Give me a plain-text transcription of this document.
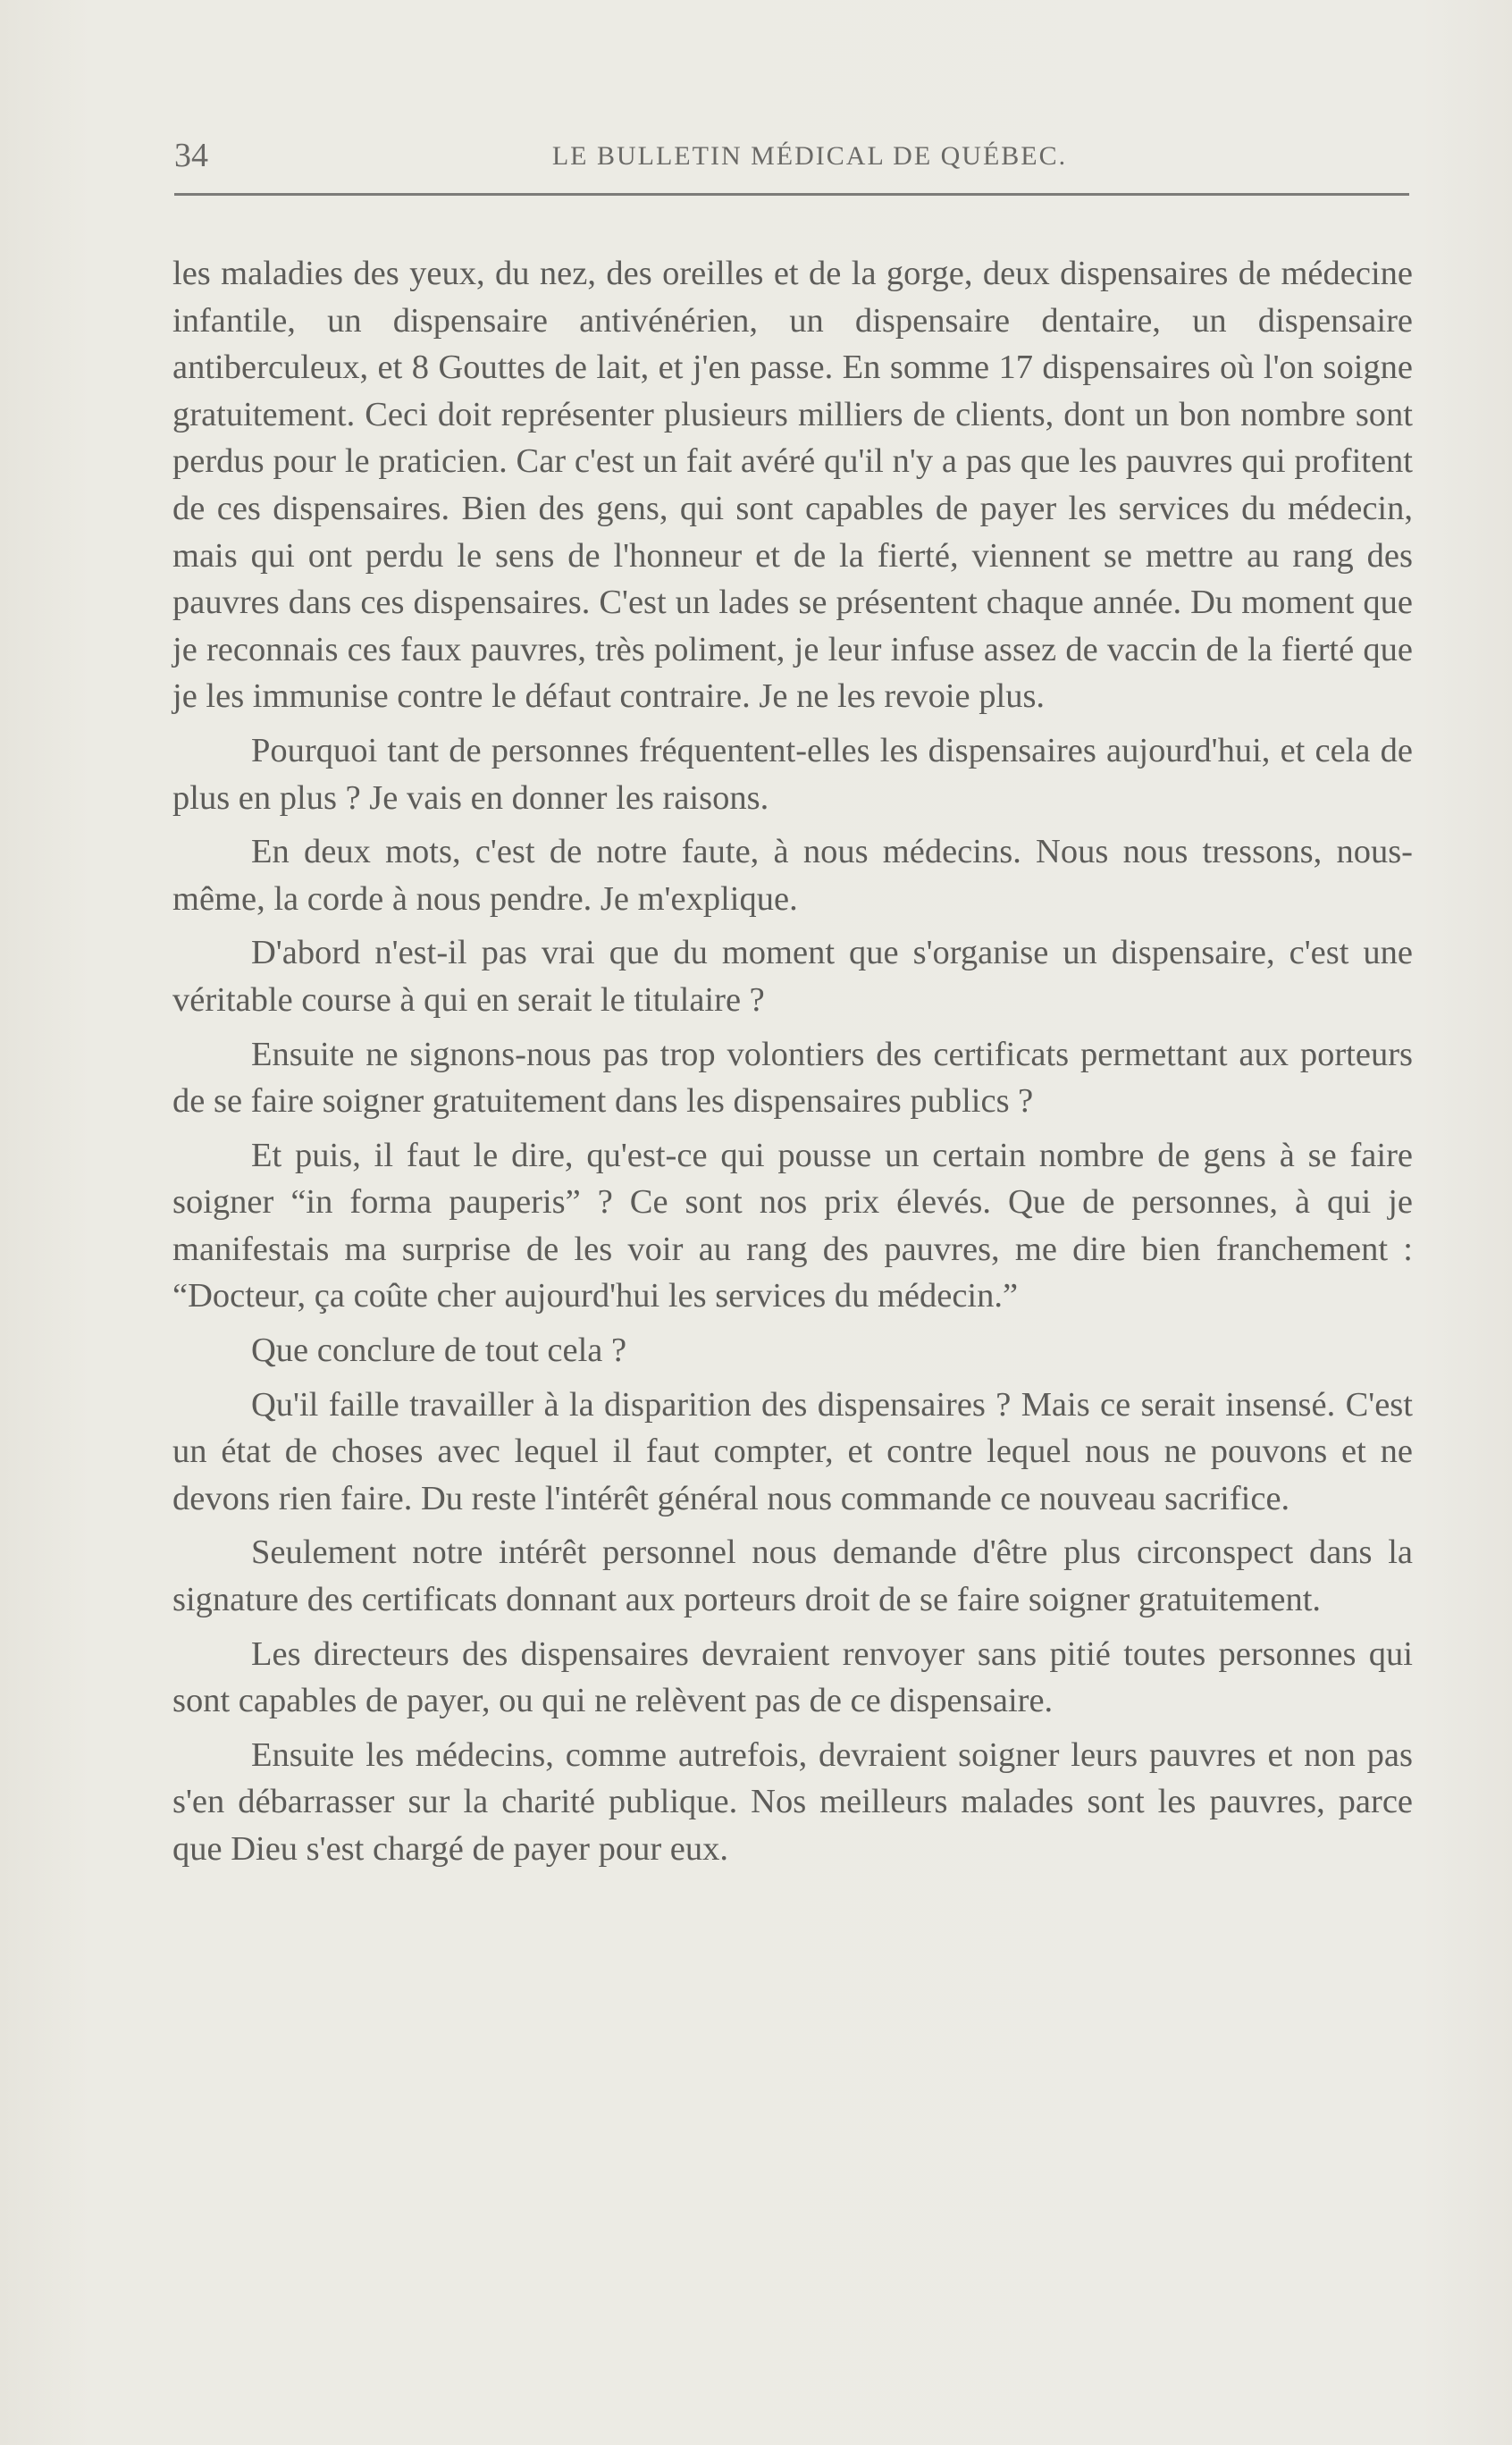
34	LE BULLETIN MÉDICAL DE QUÉBEC.

les maladies des yeux, du nez, des oreilles et de la gorge, deux dispensaires de médecine infantile, un dispensaire antivénérien, un dispensaire dentaire, un dispensaire antiberculeux, et 8 Gouttes de lait, et j'en passe. En somme 17 dispensaires où l'on soigne gratuitement. Ceci doit représenter plusieurs milliers de clients, dont un bon nombre sont perdus pour le praticien. Car c'est un fait avéré qu'il n'y a pas que les pauvres qui profitent de ces dispensaires. Bien des gens, qui sont capables de payer les services du médecin, mais qui ont perdu le sens de l'honneur et de la fierté, viennent se mettre au rang des pauvres dans ces dispensaires. C'est un lades se présentent chaque année. Du moment que je reconnais ces faux pauvres, très poliment, je leur infuse assez de vaccin de la fierté que je les immunise contre le défaut contraire. Je ne les revoie plus.

Pourquoi tant de personnes fréquentent-elles les dispensaires aujourd'hui, et cela de plus en plus ? Je vais en donner les raisons.

En deux mots, c'est de notre faute, à nous médecins. Nous nous tressons, nous-même, la corde à nous pendre. Je m'explique.

D'abord n'est-il pas vrai que du moment que s'organise un dispensaire, c'est une véritable course à qui en serait le titulaire ?

Ensuite ne signons-nous pas trop volontiers des certificats permettant aux porteurs de se faire soigner gratuitement dans les dispensaires publics ?

Et puis, il faut le dire, qu'est-ce qui pousse un certain nombre de gens à se faire soigner “in forma pauperis” ? Ce sont nos prix élevés. Que de personnes, à qui je manifestais ma surprise de les voir au rang des pauvres, me dire bien franchement : “Docteur, ça coûte cher aujourd'hui les services du médecin.”

Que conclure de tout cela ?

Qu'il faille travailler à la disparition des dispensaires ? Mais ce serait insensé. C'est un état de choses avec lequel il faut compter, et contre lequel nous ne pouvons et ne devons rien faire. Du reste l'intérêt général nous commande ce nouveau sacrifice.

Seulement notre intérêt personnel nous demande d'être plus circonspect dans la signature des certificats donnant aux porteurs droit de se faire soigner gratuitement.

Les directeurs des dispensaires devraient renvoyer sans pitié toutes personnes qui sont capables de payer, ou qui ne relèvent pas de ce dispensaire.

Ensuite les médecins, comme autrefois, devraient soigner leurs pauvres et non pas s'en débarrasser sur la charité publique. Nos meilleurs malades sont les pauvres, parce que Dieu s'est chargé de payer pour eux.
